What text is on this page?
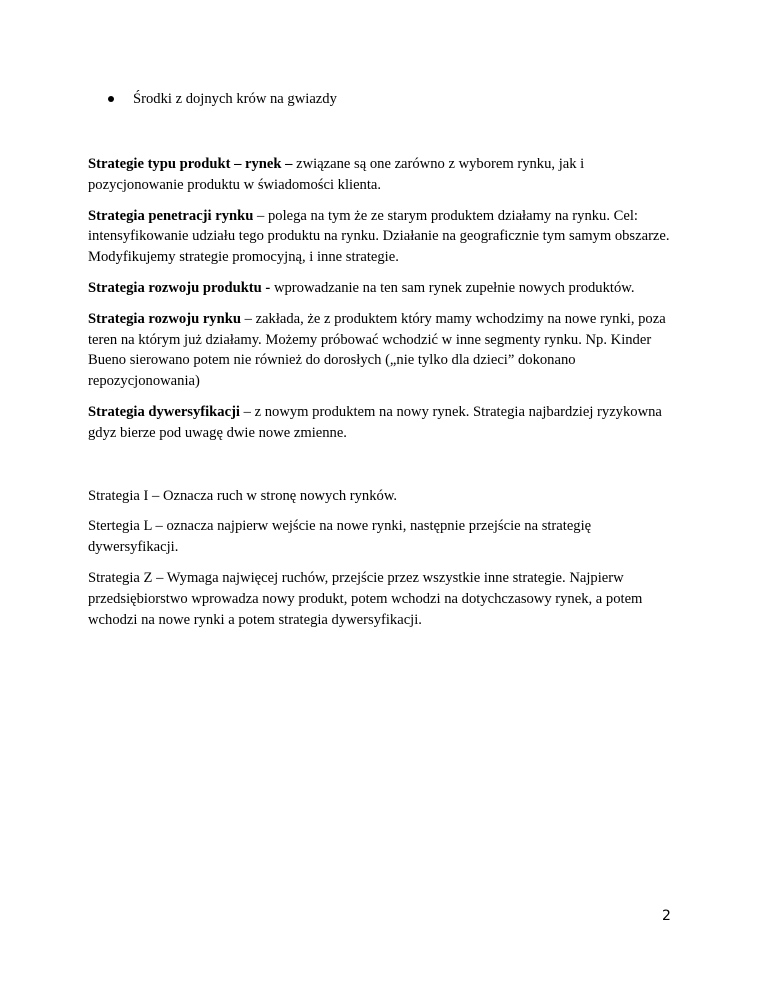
Środki z dojnych krów na gwiazdy

Strategie typu produkt – rynek – związane są one zarówno z wyborem rynku, jak i pozycjonowanie produktu w świadomości klienta.

Strategia penetracji rynku – polega na tym że ze starym produktem działamy na rynku. Cel: intensyfikowanie udziału tego produktu na rynku. Działanie na geograficznie tym samym obszarze. Modyfikujemy strategie promocyjną, i inne strategie.

Strategia rozwoju produktu - wprowadzanie na ten sam rynek zupełnie nowych produktów.

Strategia rozwoju rynku – zakłada, że z produktem który mamy wchodzimy na nowe rynki, poza teren na którym już działamy. Możemy próbować wchodzić w inne segmenty rynku. Np. Kinder Bueno sierowano potem nie również do dorosłych („nie tylko dla dzieci” dokonano repozycjonowania)

Strategia dywersyfikacji – z nowym produktem na nowy rynek. Strategia najbardziej ryzykowna gdyz bierze pod uwagę dwie nowe zmienne.

Strategia I – Oznacza ruch w stronę nowych rynków.

Stertegia L – oznacza najpierw wejście na nowe rynki, następnie przejście na strategię dywersyfikacji.

Strategia Z – Wymaga najwięcej ruchów, przejście przez wszystkie inne strategie. Najpierw przedsiębiorstwo wprowadza nowy produkt, potem wchodzi na dotychczasowy rynek, a potem wchodzi na nowe rynki a potem strategia dywersyfikacji.

2
